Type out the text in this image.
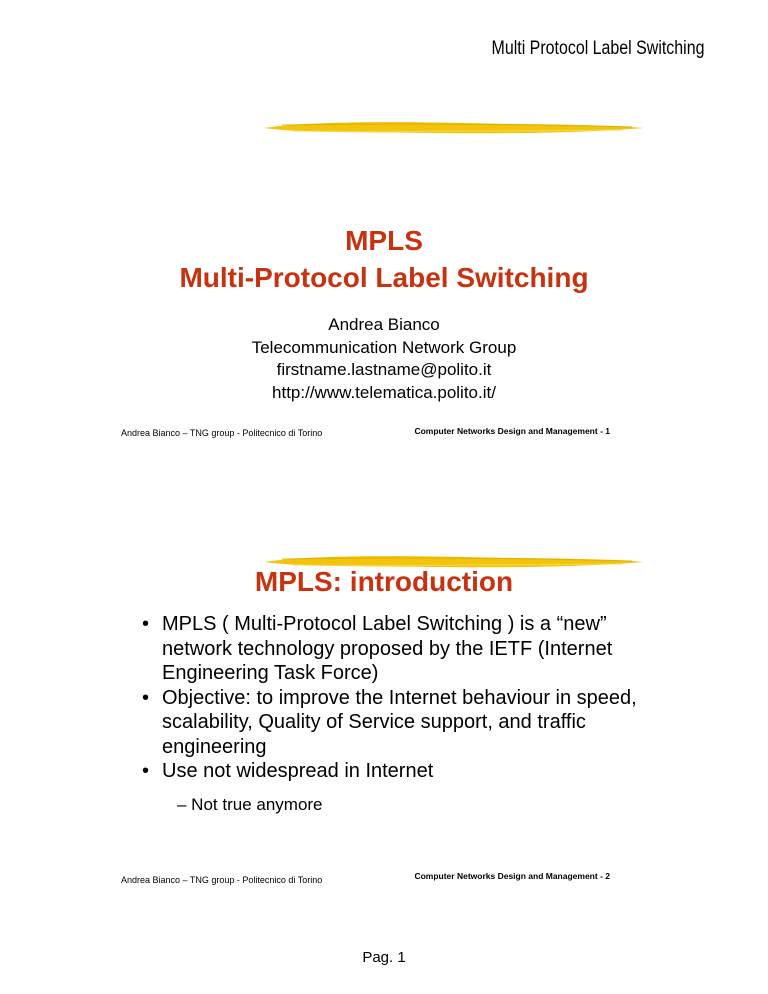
Multi Protocol Label Switching
MPLS
Multi-Protocol Label Switching
Andrea Bianco
Telecommunication Network Group
firstname.lastname@polito.it
http://www.telematica.polito.it/
Andrea Bianco – TNG group - Politecnico di Torino	Computer Networks Design and Management - 1
MPLS: introduction
• MPLS ( Multi-Protocol Label Switching ) is a “new” network technology proposed by the IETF (Internet Engineering Task Force)
• Objective: to improve the Internet behaviour in speed, scalability, Quality of Service support, and traffic engineering
• Use not widespread in Internet
– Not true anymore
Andrea Bianco – TNG group - Politecnico di Torino	Computer Networks Design and Management - 2
Pag. 1
